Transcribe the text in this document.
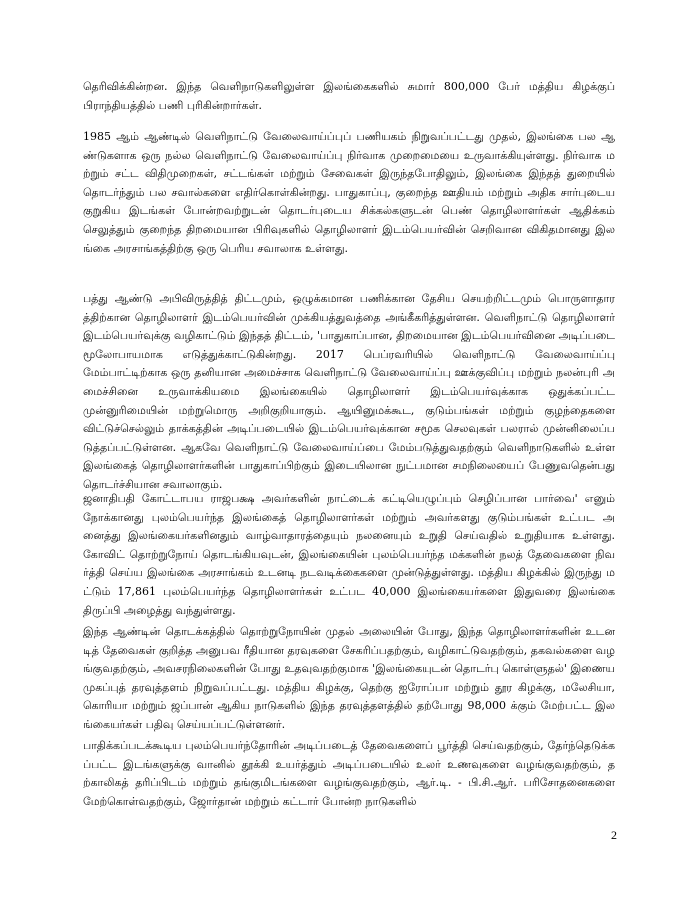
தெரிவிக்கின்றன. இந்த வெளிநாடுகளிலுள்ள இலங்கைகளில் சுமார் 800,000 பேர் மத்திய கிழக்குப் பிராந்தியத்தில் பணி புரிகின்றார்கள்.

1985 ஆம் ஆண்டில் வெளிநாட்டு வேலைவாய்ப்புப் பணியகம் நிறுவப்பட்டது முதல், இலங்கை பல ஆண்டுகளாக ஒரு நல்ல வெளிநாட்டு வேலைவாய்ப்பு நிர்வாக முறைமையை உருவாக்கியுள்ளது. நிர்வாக மற்றும் சட்ட விதிமுறைகள், சட்டங்கள் மற்றும் சேவைகள் இருந்தபோதிலும், இலங்கை இந்தத் துறையில் தொடர்ந்தும் பல சவால்களை எதிர்கொள்கின்றது. பாதுகாப்பு, குறைந்த ஊதியம் மற்றும் அதிக சார்புடைய குறுகிய இடங்கள் போன்றவற்றுடன் தொடர்புடைய சிக்கல்களுடன் பெண் தொழிலாளர்கள் ஆதிக்கம் செலுத்தும் குறைந்த திறமையான பிரிவுகளில் தொழிலாளர் இடம்பெயர்வின் செறிவான விகிதமானது இலங்கை அரசாங்கத்திற்கு ஒரு பெரிய சவாலாக உள்ளது.

பத்து ஆண்டு அபிவிருத்தித் திட்டமும், ஒழுக்கமான பணிக்கான தேசிய செயற்றிட்டமும் பொருளாதாரத்திற்கான தொழிலாளர் இடம்பெயர்வின் முக்கியத்துவத்தை அங்கீகரித்துள்ளன. வெளிநாட்டு தொழிலாளர் இடம்பெயர்வுக்கு வழிகாட்டும் இந்தத் திட்டம், 'பாதுகாப்பான, திறமையான இடம்பெயர்வினை அடிப்படை மூலோபாயமாக எடுத்துக்காட்டுகின்றது. 2017 பெப்ரவரியில் வெளிநாட்டு வேலைவாய்ப்பு மேம்பாட்டிற்காக ஒரு தனியான அமைச்சாக வெளிநாட்டு வேலைவாய்ப்பு ஊக்குவிப்பு மற்றும் நலன்புரி அமைச்சினை உருவாக்கியமை இலங்கையில் தொழிலாளர் இடம்பெயர்வுக்காக ஒதுக்கப்பட்ட முன்னுரிமையின் மற்றுமொரு அறிகுறியாகும். ஆயினுமக்கூட, குடும்பங்கள் மற்றும் குழந்தைகளை விட்டுச்செல்லும் தாக்கத்தின் அடிப்படையில் இடம்பெயர்வுக்கான சமூக செலவுகள் பலரால் முன்னிலைப்படுத்தப்பட்டுள்ளன. ஆகவே வெளிநாட்டு வேலைவாய்ப்பை மேம்படுத்துவதற்கும் வெளிநாடுகளில் உள்ள இலங்கைத் தொழிலாளர்களின் பாதுகாப்பிற்கும் இடையிலான நுட்பமான சமநிலையைப் பேணுவதென்பது தொடர்ச்சியான சவாலாகும்.

ஜனாதிபதி கோட்டாபய ராஜபக்ஷ அவர்களின் நாட்டைக் கட்டியெழுப்பும் செழிப்பான பார்வை' எனும் நோக்கானது புலம்பெயர்ந்த இலங்கைத் தொழிலாளர்கள் மற்றும் அவர்களது குடும்பங்கள் உட்பட அனைத்து இலங்கையர்களினதும் வாழ்வாதாரத்தையும் நலனையும் உறுதி செய்வதில் உறுதியாக உள்ளது. கோவிட் தொற்றுநோய் தொடங்கியவுடன், இலங்கையின் புலம்பெயர்ந்த மக்களின் நலத் தேவைகளை நிவர்த்தி செய்ய இலங்கை அரசாங்கம் உடனடி நடவடிக்கைகளை முன்டுத்துள்ளது. மத்திய கிழக்கில் இருந்து மட்டும் 17,861 புலம்பெயர்ந்த தொழிலாளர்கள் உட்பட 40,000 இலங்கையர்களை இதுவரை இலங்கை திருப்பி அழைத்து வந்துள்ளது.

இந்த ஆண்டின் தொடக்கத்தில் தொற்றுநோயின் முதல் அலையின் போது, இந்த தொழிலாளர்களின் உடனடித் தேவைகள் குறித்த அனுபவ ரீதியான தரவுகளை சேகரிப்பதற்கும், வழிகாட்டுவதற்கும், தகவல்களை வழங்குவதற்கும், அவசரநிலைகளின் போது உதவுவதற்குமாக 'இலங்கையுடன் தொடர்பு கொள்ளுதல்' இணைய முகப்புத் தரவுத்தளம் நிறுவப்பட்டது. மத்திய கிழக்கு, தெற்கு ஐரோப்பா மற்றும் தூர கிழக்கு, மலேசியா, கொரியா மற்றும் ஜப்பான் ஆகிய நாடுகளில் இந்த தரவுத்தளத்தில் தற்போது 98,000 க்கும் மேற்பட்ட இலங்கையர்கள் பதிவு செய்யப்பட்டுள்ளனர்.

பாதிக்கப்படக்கூடிய புலம்பெயர்ந்தோரின் அடிப்படைத் தேவைகளைப் பூர்த்தி செய்வதற்கும், தேர்ந்தெடுக்கப்பட்ட இடங்களுக்கு வானில் தூக்கி உயர்த்தும் அடிப்படையில் உலர் உணவுகளை வழங்குவதற்கும், தற்காலிகத் தரிப்பிடம் மற்றும் தங்குமிடங்களை வழங்குவதற்கும், ஆர்.டி. - பி.சி.ஆர். பரிசோதனைகளை மேற்கொள்வதற்கும், ஜோர்தான் மற்றும் கட்டார் போன்ற நாடுகளில்

2
